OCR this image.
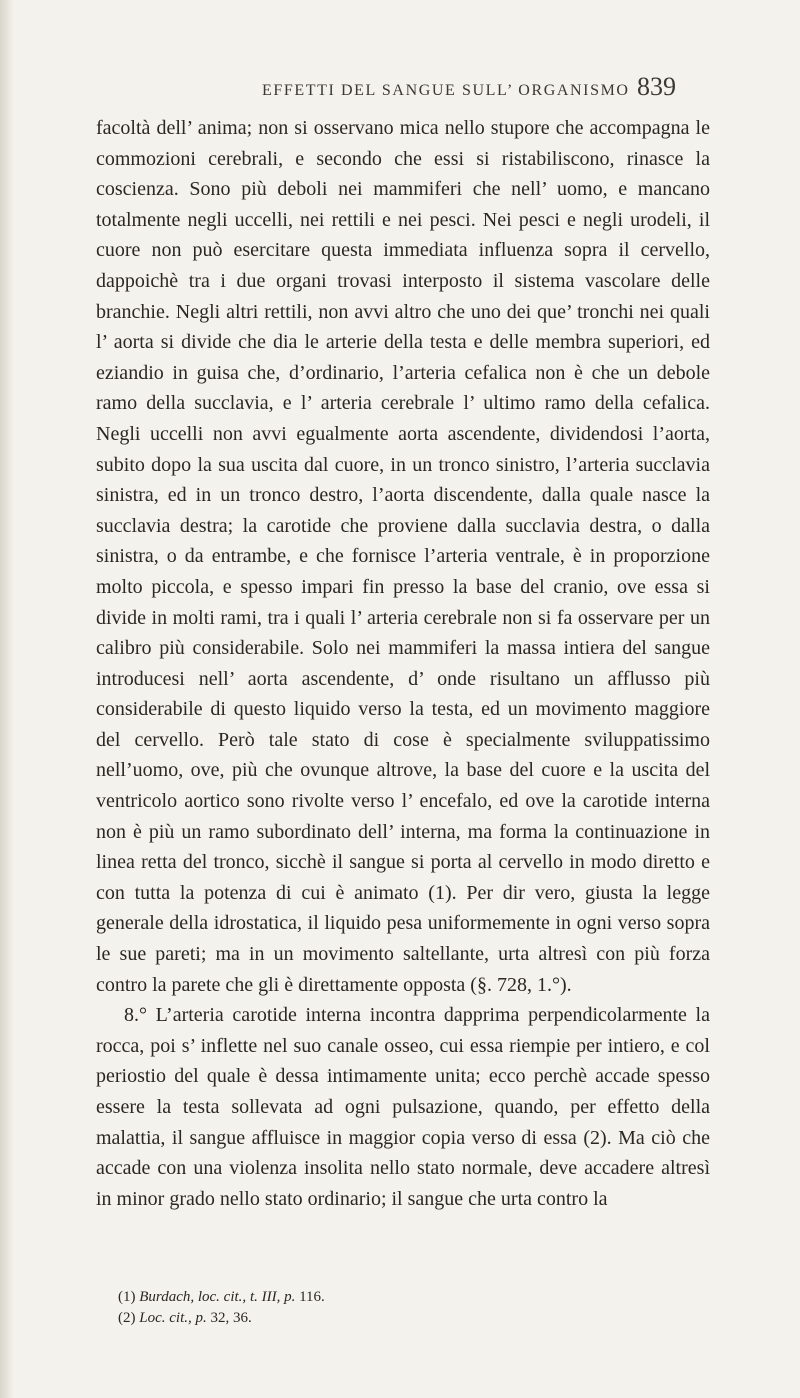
EFFETTI DEL SANGUE SULL’ ORGANISMO 839

facoltà dell’ anima; non si osservano mica nello stupore che accompagna le commozioni cerebrali, e secondo che essi si ristabiliscono, rinasce la coscienza. Sono più deboli nei mammiferi che nell’ uomo, e mancano totalmente negli uccelli, nei rettili e nei pesci. Nei pesci e negli urodeli, il cuore non può esercitare questa immediata influenza sopra il cervello, dappoichè tra i due organi trovasi interposto il sistema vascolare delle branchie. Negli altri rettili, non avvi altro che uno dei que’ tronchi nei quali l’ aorta si divide che dia le arterie della testa e delle membra superiori, ed eziandio in guisa che, d’ordinario, l’arteria cefalica non è che un debole ramo della succlavia, e l’ arteria cerebrale l’ ultimo ramo della cefalica. Negli uccelli non avvi egualmente aorta ascendente, dividendosi l’aorta, subito dopo la sua uscita dal cuore, in un tronco sinistro, l’arteria succlavia sinistra, ed in un tronco destro, l’aorta discendente, dalla quale nasce la succlavia destra; la carotide che proviene dalla succlavia destra, o dalla sinistra, o da entrambe, e che fornisce l’arteria ventrale, è in proporzione molto piccola, e spesso impari fin presso la base del cranio, ove essa si divide in molti rami, tra i quali l’ arteria cerebrale non si fa osservare per un calibro più considerabile. Solo nei mammiferi la massa intiera del sangue introducesi nell’ aorta ascendente, d’ onde risultano un afflusso più considerabile di questo liquido verso la testa, ed un movimento maggiore del cervello. Però tale stato di cose è specialmente sviluppatissimo nell’uomo, ove, più che ovunque altrove, la base del cuore e la uscita del ventricolo aortico sono rivolte verso l’ encefalo, ed ove la carotide interna non è più un ramo subordinato dell’ interna, ma forma la continuazione in linea retta del tronco, sicchè il sangue si porta al cervello in modo diretto e con tutta la potenza di cui è animato (1). Per dir vero, giusta la legge generale della idrostatica, il liquido pesa uniformemente in ogni verso sopra le sue pareti; ma in un movimento saltellante, urta altresì con più forza contro la parete che gli è direttamente opposta (§. 728, 1.°).

8.° L’arteria carotide interna incontra dapprima perpendicolarmente la rocca, poi s’ inflette nel suo canale osseo, cui essa riempie per intiero, e col periostio del quale è dessa intimamente unita; ecco perchè accade spesso essere la testa sollevata ad ogni pulsazione, quando, per effetto della malattia, il sangue affluisce in maggior copia verso di essa (2). Ma ciò che accade con una violenza insolita nello stato normale, deve accadere altresì in minor grado nello stato ordinario; il sangue che urta contro la

(1) Burdach, loc. cit., t. III, p. 116.
(2) Loc. cit., p. 32, 36.
